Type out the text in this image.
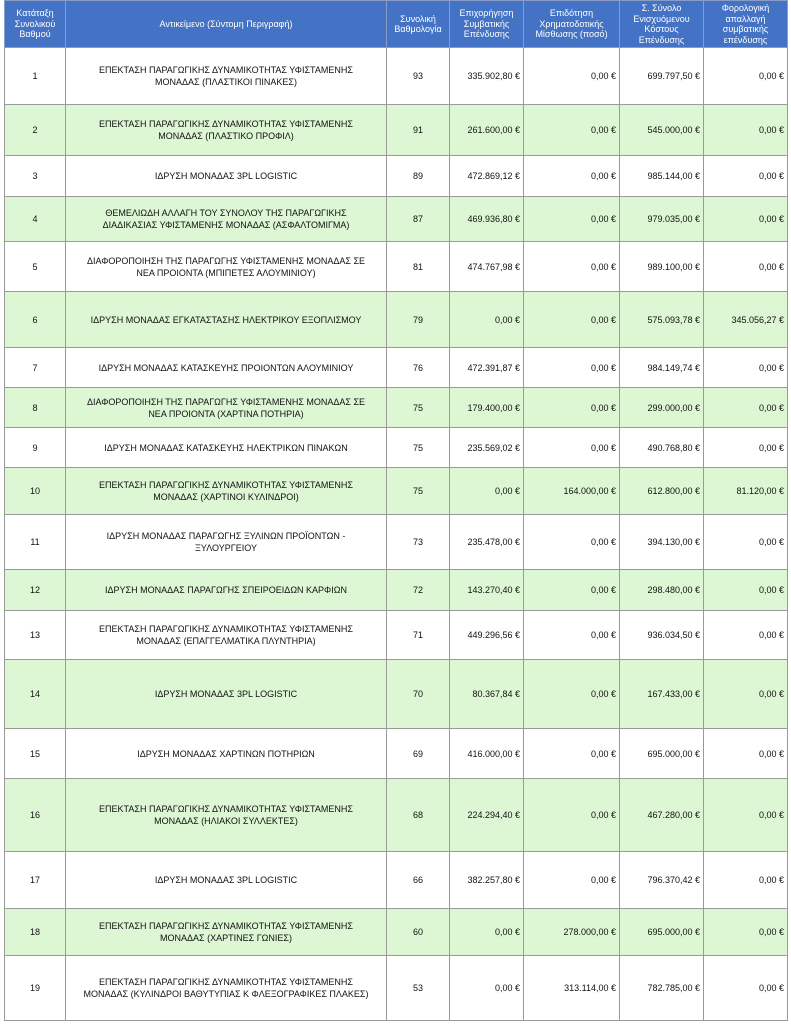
Κατάταξη Συνολικού Βαθμού	Αντικείμενο (Σύντομη Περιγραφή)	Συνολική Βαθμολογία	Επιχορήγηση Συμβατικής Επένδυσης	Επιδότηση Χρηματοδοτικής Μίσθωσης (ποσό)	Σ. Σύνολο Ενισχυόμενου Κόστους Επένδυσης	Φορολογική απαλλαγή συμβατικής επένδυσης
1	ΕΠΕΚΤΑΣΗ ΠΑΡΑΓΩΓΙΚΗΣ ΔΥΝΑΜΙΚΟΤΗΤΑΣ ΥΦΙΣΤΑΜΕΝΗΣ
ΜΟΝΑΔΑΣ (ΠΛΑΣΤΙΚΟΙ ΠΙΝΑΚΕΣ)	93	335.902,80 €	0,00 €	699.797,50 €	0,00 €
2	ΕΠΕΚΤΑΣΗ ΠΑΡΑΓΩΓΙΚΗΣ ΔΥΝΑΜΙΚΟΤΗΤΑΣ ΥΦΙΣΤΑΜΕΝΗΣ
ΜΟΝΑΔΑΣ (ΠΛΑΣΤΙΚΟ ΠΡΟΦΙΛ)	91	261.600,00 €	0,00 €	545.000,00 €	0,00 €
3	ΙΔΡΥΣΗ ΜΟΝΑΔΑΣ 3PL LOGISTIC	89	472.869,12 €	0,00 €	985.144,00 €	0,00 €
4	ΘΕΜΕΛΙΩΔΗ ΑΛΛΑΓΗ ΤΟΥ ΣΥΝΟΛΟΥ ΤΗΣ ΠΑΡΑΓΩΓΙΚΗΣ
ΔΙΑΔΙΚΑΣΙΑΣ ΥΦΙΣΤΑΜΕΝΗΣ ΜΟΝΑΔΑΣ (ΑΣΦΑΛΤΟΜΙΓΜΑ)	87	469.936,80 €	0,00 €	979.035,00 €	0,00 €
5	ΔΙΑΦΟΡΟΠΟΙΗΣΗ ΤΗΣ ΠΑΡΑΓΩΓΗΣ ΥΦΙΣΤΑΜΕΝΗΣ ΜΟΝΑΔΑΣ ΣΕ
ΝΕΑ ΠΡΟΙΟΝΤΑ (ΜΠΙΠΕΤΕΣ ΑΛΟΥΜΙΝΙΟΥ)	81	474.767,98 €	0,00 €	989.100,00 €	0,00 €
6	ΙΔΡΥΣΗ ΜΟΝΑΔΑΣ ΕΓΚΑΤΑΣΤΑΣΗΣ ΗΛΕΚΤΡΙΚΟΥ ΕΞΟΠΛΙΣΜΟΥ	79	0,00 €	0,00 €	575.093,78 €	345.056,27 €
7	ΙΔΡΥΣΗ ΜΟΝΑΔΑΣ ΚΑΤΑΣΚΕΥΗΣ ΠΡΟΙΟΝΤΩΝ ΑΛΟΥΜΙΝΙΟΥ	76	472.391,87 €	0,00 €	984.149,74 €	0,00 €
8	ΔΙΑΦΟΡΟΠΟΙΗΣΗ ΤΗΣ ΠΑΡΑΓΩΓΗΣ ΥΦΙΣΤΑΜΕΝΗΣ ΜΟΝΑΔΑΣ ΣΕ
ΝΕΑ ΠΡΟΙΟΝΤΑ (ΧΑΡΤΙΝΑ ΠΟΤΗΡΙΑ)	75	179.400,00 €	0,00 €	299.000,00 €	0,00 €
9	ΙΔΡΥΣΗ ΜΟΝΑΔΑΣ ΚΑΤΑΣΚΕΥΗΣ ΗΛΕΚΤΡΙΚΩΝ ΠΙΝΑΚΩΝ	75	235.569,02 €	0,00 €	490.768,80 €	0,00 €
10	ΕΠΕΚΤΑΣΗ ΠΑΡΑΓΩΓΙΚΗΣ ΔΥΝΑΜΙΚΟΤΗΤΑΣ ΥΦΙΣΤΑΜΕΝΗΣ
ΜΟΝΑΔΑΣ (ΧΑΡΤΙΝΟΙ ΚΥΛΙΝΔΡΟΙ)	75	0,00 €	164.000,00 €	612.800,00 €	81.120,00 €
11	ΙΔΡΥΣΗ ΜΟΝΑΔΑΣ ΠΑΡΑΓΩΓΗΣ ΞΥΛΙΝΩΝ ΠΡΟΪΟΝΤΩΝ -
ΞΥΛΟΥΡΓΕΙΟΥ	73	235.478,00 €	0,00 €	394.130,00 €	0,00 €
12	ΙΔΡΥΣΗ ΜΟΝΑΔΑΣ ΠΑΡΑΓΩΓΗΣ ΣΠΕΙΡΟΕΙΔΩΝ ΚΑΡΦΙΩΝ	72	143.270,40 €	0,00 €	298.480,00 €	0,00 €
13	ΕΠΕΚΤΑΣΗ ΠΑΡΑΓΩΓΙΚΗΣ ΔΥΝΑΜΙΚΟΤΗΤΑΣ ΥΦΙΣΤΑΜΕΝΗΣ
ΜΟΝΑΔΑΣ (ΕΠΑΓΓΕΛΜΑΤΙΚΑ ΠΛΥΝΤΗΡΙΑ)	71	449.296,56 €	0,00 €	936.034,50 €	0,00 €
14	ΙΔΡΥΣΗ ΜΟΝΑΔΑΣ 3PL LOGISTIC	70	80.367,84 €	0,00 €	167.433,00 €	0,00 €
15	ΙΔΡΥΣΗ ΜΟΝΑΔΑΣ ΧΑΡΤΙΝΩΝ ΠΟΤΗΡΙΩΝ	69	416.000,00 €	0,00 €	695.000,00 €	0,00 €
16	ΕΠΕΚΤΑΣΗ ΠΑΡΑΓΩΓΙΚΗΣ ΔΥΝΑΜΙΚΟΤΗΤΑΣ ΥΦΙΣΤΑΜΕΝΗΣ
ΜΟΝΑΔΑΣ (ΗΛΙΑΚΟΙ ΣΥΛΛΕΚΤΕΣ)	68	224.294,40 €	0,00 €	467.280,00 €	0,00 €
17	ΙΔΡΥΣΗ ΜΟΝΑΔΑΣ 3PL LOGISTIC	66	382.257,80 €	0,00 €	796.370,42 €	0,00 €
18	ΕΠΕΚΤΑΣΗ ΠΑΡΑΓΩΓΙΚΗΣ ΔΥΝΑΜΙΚΟΤΗΤΑΣ ΥΦΙΣΤΑΜΕΝΗΣ
ΜΟΝΑΔΑΣ (ΧΑΡΤΙΝΕΣ ΓΩΝΙΕΣ)	60	0,00 €	278.000,00 €	695.000,00 €	0,00 €
19	ΕΠΕΚΤΑΣΗ ΠΑΡΑΓΩΓΙΚΗΣ ΔΥΝΑΜΙΚΟΤΗΤΑΣ ΥΦΙΣΤΑΜΕΝΗΣ
ΜΟΝΑΔΑΣ (ΚΥΛΙΝΔΡΟΙ ΒΑΘΥΤΥΠΙΑΣ Κ ΦΛΕΞΟΓΡΑΦΙΚΕΣ ΠΛΑΚΕΣ)	53	0,00 €	313.114,00 €	782.785,00 €	0,00 €
